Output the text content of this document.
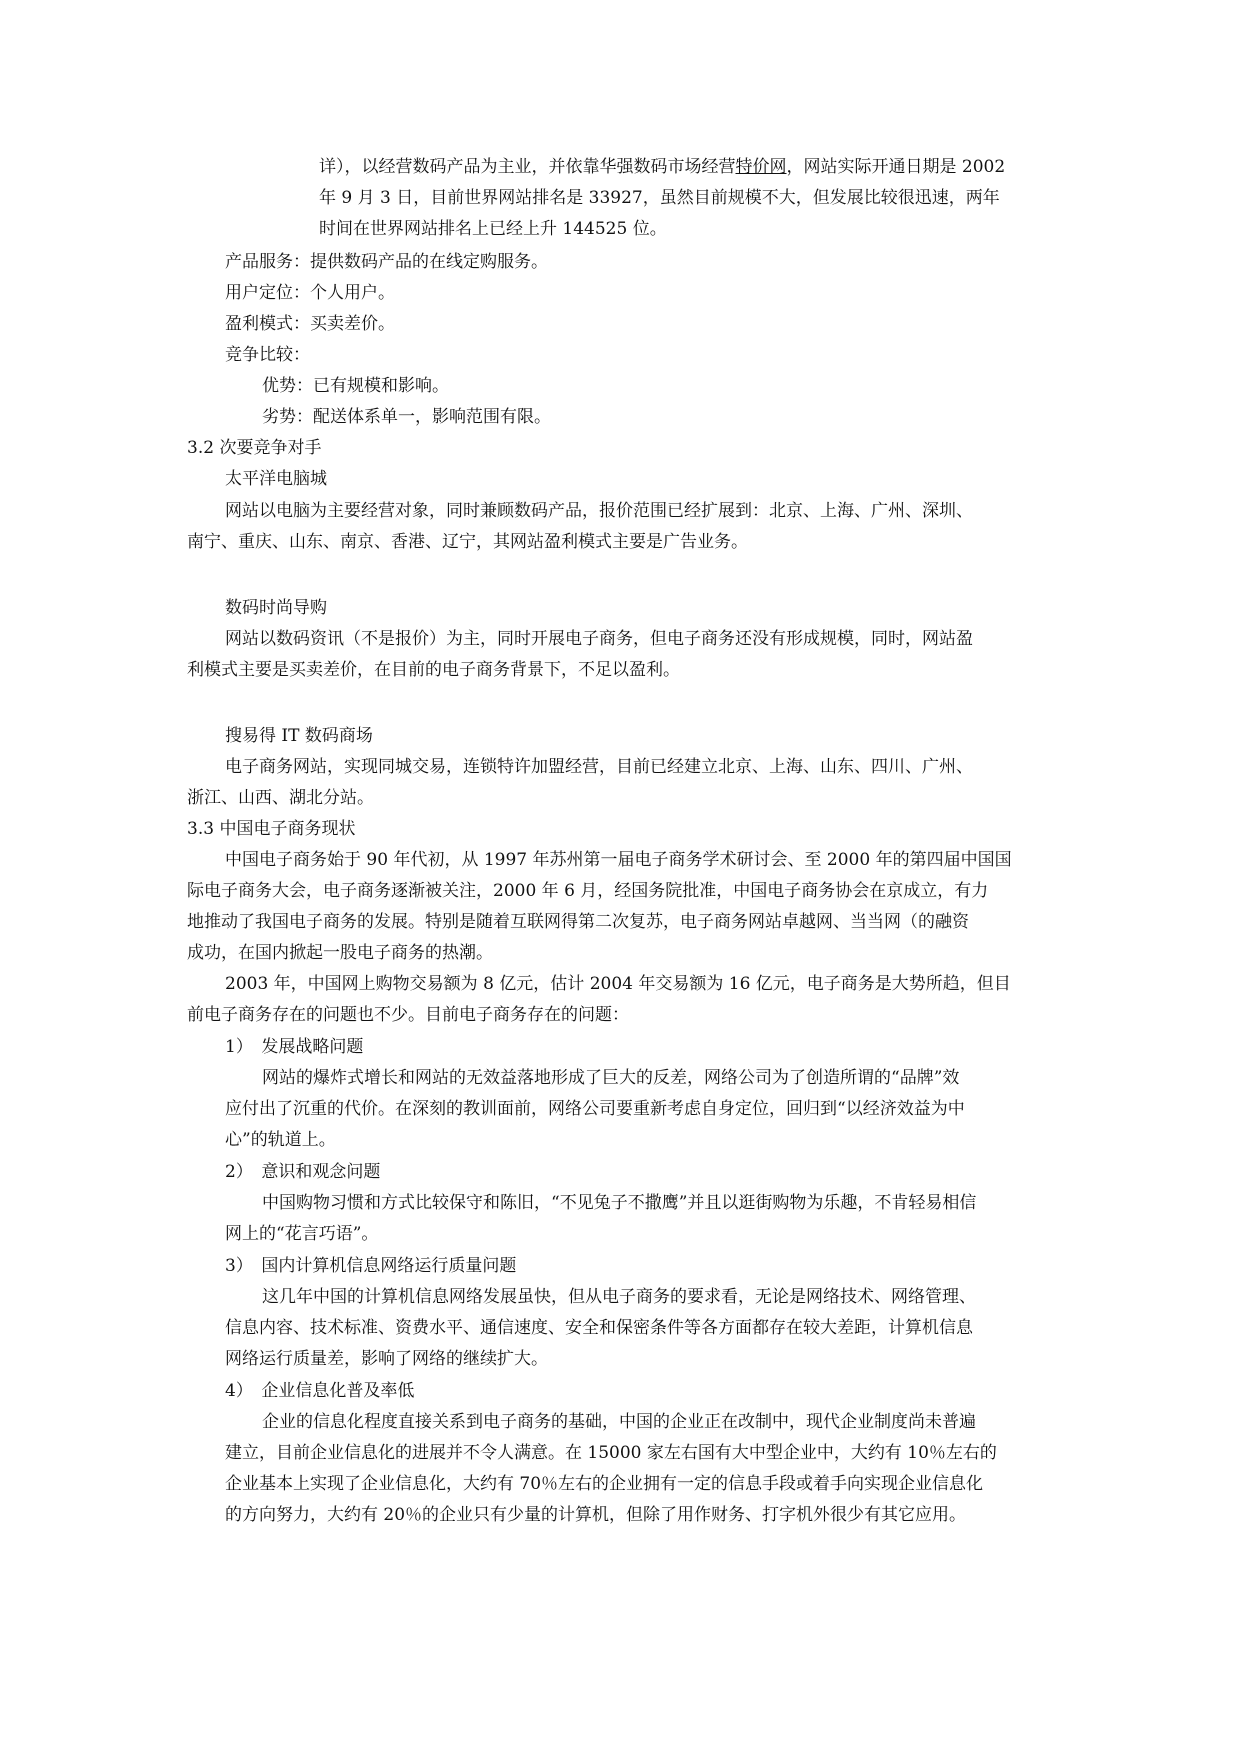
详），以经营数码产品为主业，并依靠华强数码市场经营特价网，网站实际开通日期是 2002
年 9 月 3 日，目前世界网站排名是 33927，虽然目前规模不大，但发展比较很迅速，两年
时间在世界网站排名上已经上升 144525 位。
产品服务：提供数码产品的在线定购服务。
用户定位：个人用户。
盈利模式：买卖差价。
竞争比较：
优势：已有规模和影响。
劣势：配送体系单一，影响范围有限。
3.2 次要竞争对手
太平洋电脑城
网站以电脑为主要经营对象，同时兼顾数码产品，报价范围已经扩展到：北京、上海、广州、深圳、
南宁、重庆、山东、南京、香港、辽宁，其网站盈利模式主要是广告业务。
数码时尚导购
网站以数码资讯（不是报价）为主，同时开展电子商务，但电子商务还没有形成规模，同时，网站盈
利模式主要是买卖差价，在目前的电子商务背景下，不足以盈利。
搜易得 IT 数码商场
电子商务网站，实现同城交易，连锁特许加盟经营，目前已经建立北京、上海、山东、四川、广州、
浙江、山西、湖北分站。
3.3 中国电子商务现状
中国电子商务始于 90 年代初，从 1997 年苏州第一届电子商务学术研讨会、至 2000 年的第四届中国国
际电子商务大会，电子商务逐渐被关注，2000 年 6 月，经国务院批准，中国电子商务协会在京成立，有力
地推动了我国电子商务的发展。特别是随着互联网得第二次复苏，电子商务网站卓越网、当当网（的融资
成功，在国内掀起一股电子商务的热潮。
2003 年，中国网上购物交易额为 8 亿元，估计 2004 年交易额为 16 亿元，电子商务是大势所趋，但目
前电子商务存在的问题也不少。目前电子商务存在的问题：
1）　发展战略问题
网站的爆炸式增长和网站的无效益落地形成了巨大的反差，网络公司为了创造所谓的“品牌”效
应付出了沉重的代价。在深刻的教训面前，网络公司要重新考虑自身定位，回归到“以经济效益为中
心”的轨道上。
2）　意识和观念问题
中国购物习惯和方式比较保守和陈旧，“不见兔子不撒鹰”并且以逛街购物为乐趣，不肯轻易相信
网上的“花言巧语”。
3）　国内计算机信息网络运行质量问题
这几年中国的计算机信息网络发展虽快，但从电子商务的要求看，无论是网络技术、网络管理、
信息内容、技术标准、资费水平、通信速度、安全和保密条件等各方面都存在较大差距，计算机信息
网络运行质量差，影响了网络的继续扩大。
4）　企业信息化普及率低
企业的信息化程度直接关系到电子商务的基础，中国的企业正在改制中，现代企业制度尚未普遍
建立，目前企业信息化的进展并不令人满意。在 15000 家左右国有大中型企业中，大约有 10％左右的
企业基本上实现了企业信息化，大约有 70％左右的企业拥有一定的信息手段或着手向实现企业信息化
的方向努力，大约有 20％的企业只有少量的计算机，但除了用作财务、打字机外很少有其它应用。
